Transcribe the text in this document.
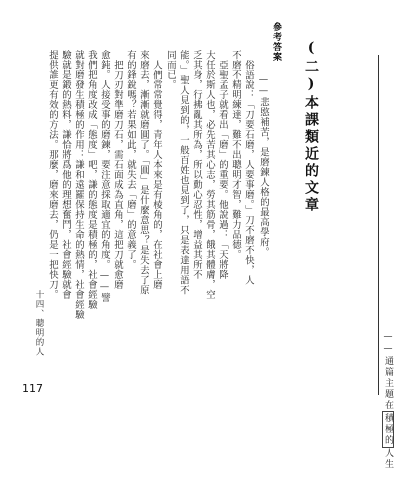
(二)本課類近的文章
參考答案
——悲愍補苦，是磨鍊人格的最高學府。
俗語說：「刀要石磨，人要事磨。」刀不磨不快，人
不磨不精明練達，難不出聰明才智，難力品德。
亞聖孟子就看出「磨」的重要。他說過：「天將降
大任於斯人也，必先苦其心志，勞其筋骨，餓其體膚，空
乏其身，行拂亂其所為，所以動心忍性，增益其所不
能。」聖人見到的，一般百姓也見到了，只是表達用語不
同而已。
人們常常覺得，青年人本來是有棱角的，在社會上磨
來磨去，漸漸就磨圓了。「圓」是什麼意思？是失去了原
有的鋒銳嗎？若果如此，就失去「磨」的意義了。
把刀刃對準磨刀石，需石面成為直角，這把刀就愈磨
愈鈍。人接受事的磨鍊，要注意採取適宜的角度。——譬
我們把角度改成「態度」吧，謙的態度是積極的，社會經驗
就對磨發生積極的作用：謙和遠羅保持生命的熱情，社會經驗
驗就是鍛的熱料，謙恰將爲他的理想奮鬥，社會經驗就會
提供誰更有效的方法。那麼，磨來磨去，仍是一把快刀。
十四、聰明的人	——通篇主題在積極的人生
117
